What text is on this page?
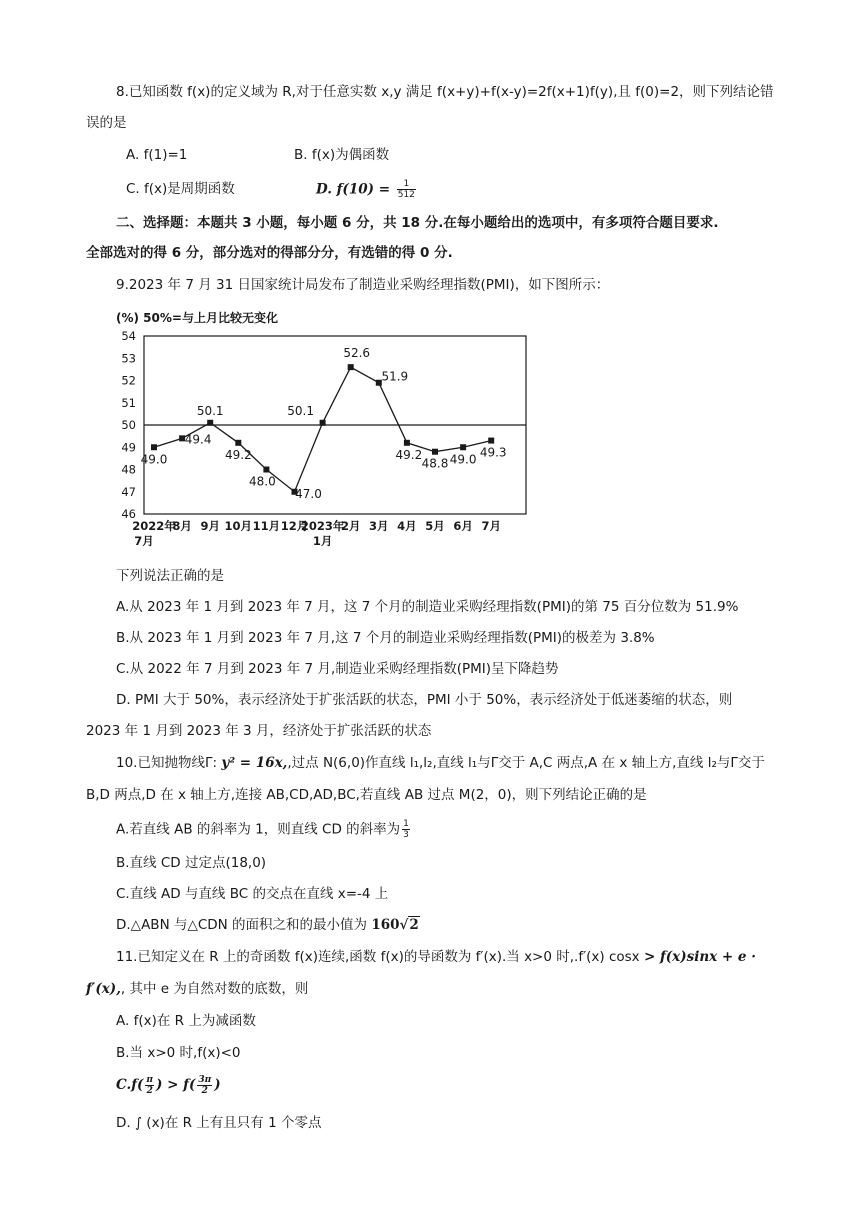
8.已知函数 f(x)的定义域为 R,对于任意实数 x,y 满足 f(x+y)+f(x-y)=2f(x+1)f(y),且 f(0)=2，则下列结论错
误的是
A. f(1)=1	B. f(x)为偶函数
C. f(x)是周期函数	D. $f(10) = \frac{1}{512}$
二、选择题：本题共 3 小题，每小题 6 分，共 18 分.在每小题给出的选项中，有多项符合题目要求.
全部选对的得 6 分，部分选对的得部分分，有选错的得 0 分.
9.2023 年 7 月 31 日国家统计局发布了制造业采购经理指数(PMI)，如下图所示：
(%) 50%=与上月比较无变化
54
53
52
51
50
49
48
47
46
49.0
49.4
50.1
49.2
48.0
47.0
50.1
52.6
51.9
49.2
48.8 49.0 49.3
2022年 7月
8月 9月 10月 11月 12月
2023年 1月
2月 3月 4月 5月 6月 7月
下列说法正确的是
A.从 2023 年 1 月到 2023 年 7 月，这 7 个月的制造业采购经理指数(PMI)的第 75 百分位数为 51.9%
B.从 2023 年 1 月到 2023 年 7 月,这 7 个月的制造业采购经理指数(PMI)的极差为 3.8%
C.从 2022 年 7 月到 2023 年 7 月,制造业采购经理指数(PMI)呈下降趋势
D. PMI 大于 50%，表示经济处于扩张活跃的状态，PMI 小于 50%，表示经济处于低迷萎缩的状态，则
2023 年 1 月到 2023 年 3 月，经济处于扩张活跃的状态
10.已知抛物线Γ: y² = 16x,,过点 N(6,0)作直线 l₁,l₂,直线 l₁与Γ交于 A,C 两点,A 在 x 轴上方,直线 l₂与Γ交于
B,D 两点,D 在 x 轴上方,连接 AB,CD,AD,BC,若直线 AB 过点 M(2，0)，则下列结论正确的是
A.若直线 AB 的斜率为 1，则直线 CD 的斜率为 $\frac{1}{3}$
B.直线 CD 过定点(18,0)
C.直线 AD 与直线 BC 的交点在直线 x=-4 上
D.△ABN 与△CDN 的面积之和的最小值为 160√2
11.已知定义在 R 上的奇函数 f(x)连续,函数 f(x)的导函数为 f′(x).当 x>0 时,.f′(x) cosx > f(x)sinx + e ·
f′(x),, 其中 e 为自然对数的底数，则
A. f(x)在 R 上为减函数
B.当 x>0 时,f(x)<0
$C.f( \frac{\pi}{2}$ ) > $f( \frac{3\pi}{2}$ )
D. ∫ (x)在 R 上有且只有 1 个零点
